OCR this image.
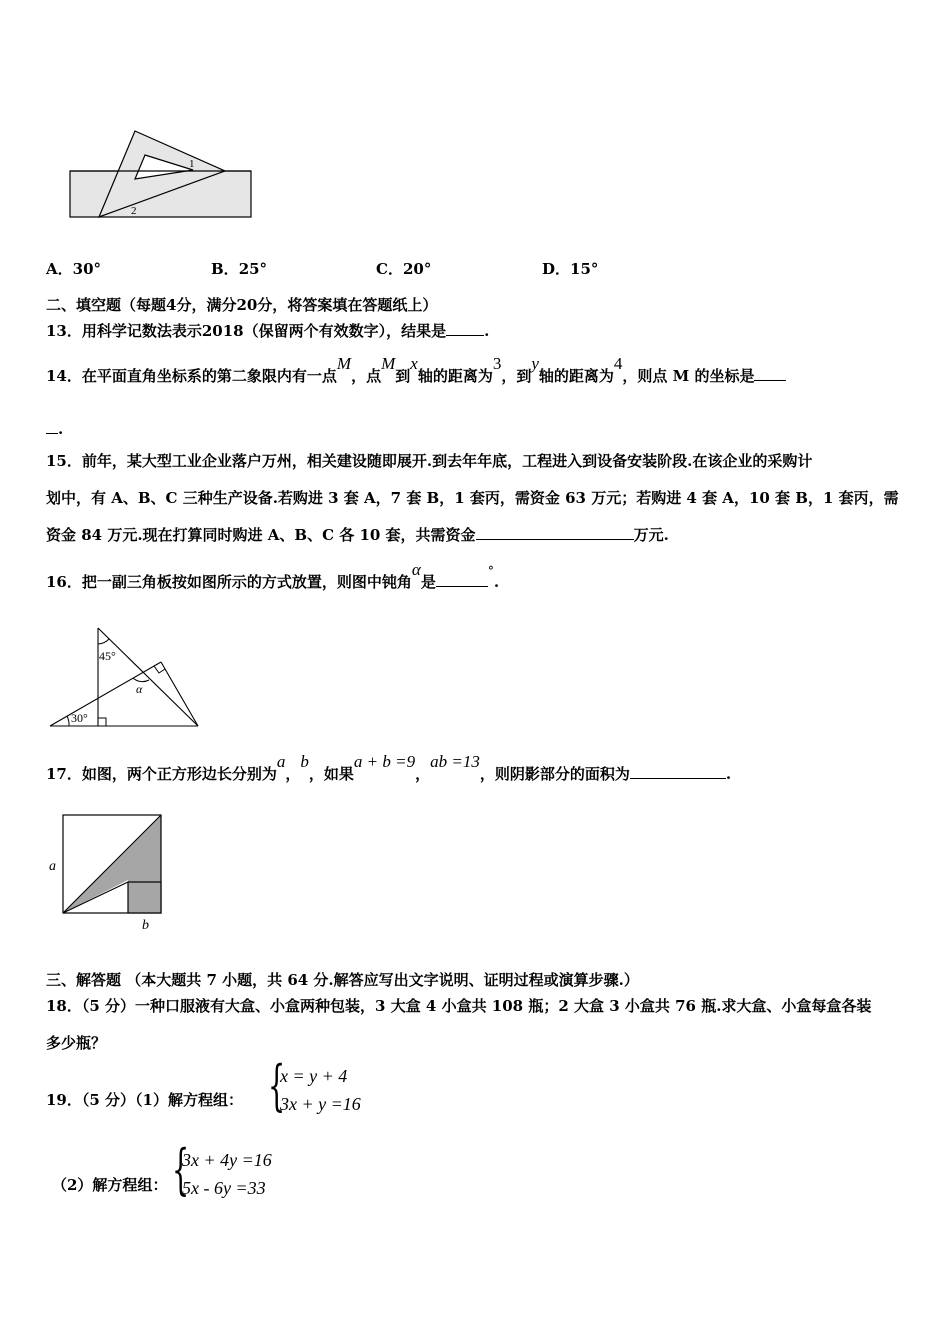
1
2
A．30°	B．25°	C．20°	D．15°
二、填空题（每题4分，满分20分，将答案填在答题纸上）
13．用科学记数法表示2018（保留两个有效数字），结果是	.
14．在平面直角坐标系的第二象限内有一点M，点M到x轴的距离为3，到y轴的距离为4，则点 M 的坐标是
.
15．前年，某大型工业企业落户万州，相关建设随即展开.到去年年底，工程进入到设备安装阶段.在该企业的采购计
划中，有 A、B、C 三种生产设备.若购进 3 套 A，7 套 B，1 套丙，需资金 63 万元；若购进 4 套 A，10 套 B，1 套丙，需
资金 84 万元.现在打算同时购进 A、B、C 各 10 套，共需资金	万元.
16．把一副三角板按如图所示的方式放置，则图中钝角α是°.
45°
30°
α
17．如图，两个正方形边长分别为a，b，如果a + b =9，ab =13，则阴影部分的面积为	.
a
b
三、解答题 （本大题共 7 小题，共 64 分.解答应写出文字说明、证明过程或演算步骤.）
18．（5 分）一种口服液有大盒、小盒两种包装，3 大盒 4 小盒共 108 瓶；2 大盒 3 小盒共 76 瓶.求大盒、小盒每盒各装
多少瓶？
19．（5 分）（1）解方程组： {
x = y + 4
3x + y =16
（2）解方程组： {
3x + 4y =16
5x - 6y =33
